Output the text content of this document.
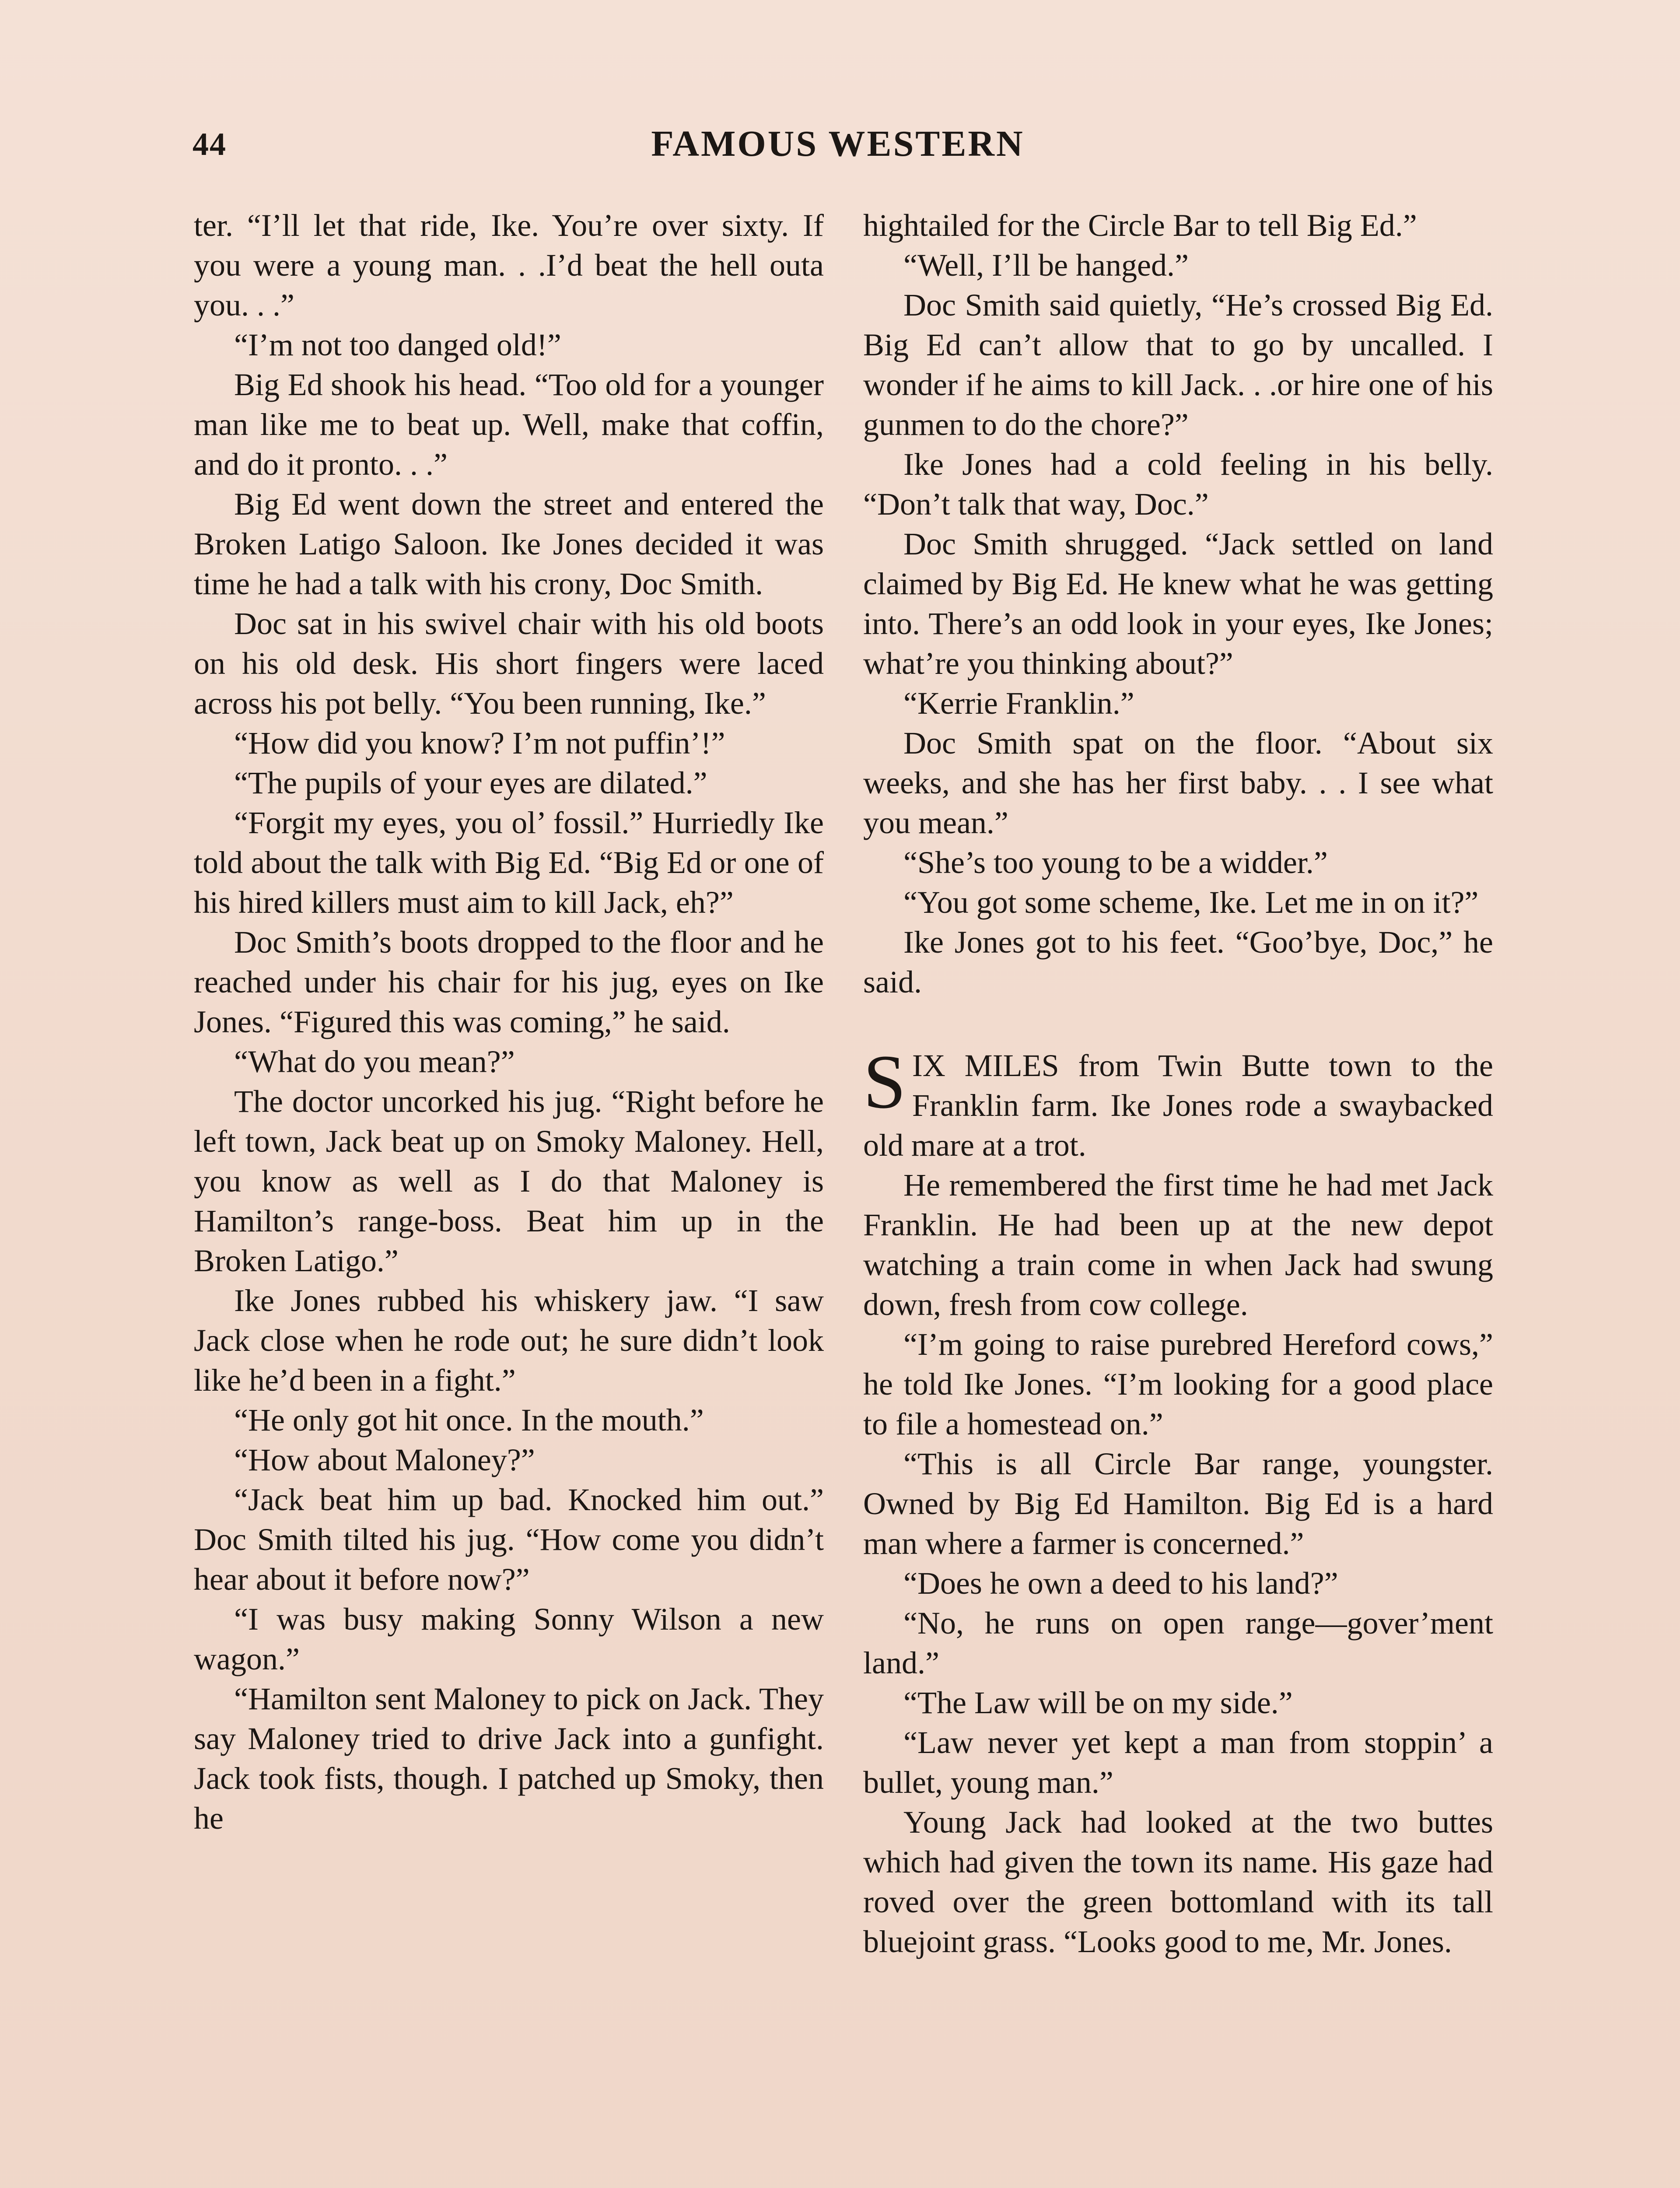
44	FAMOUS WESTERN

ter. “I’ll let that ride, Ike. You’re over sixty. If you were a young man. . .I’d beat the hell outa you. . .”

“I’m not too danged old!”

Big Ed shook his head. “Too old for a younger man like me to beat up. Well, make that coffin, and do it pronto. . .”

Big Ed went down the street and entered the Broken Latigo Saloon. Ike Jones decided it was time he had a talk with his crony, Doc Smith.

Doc sat in his swivel chair with his old boots on his old desk. His short fingers were laced across his pot belly. “You been running, Ike.”

“How did you know? I’m not puffin’!”

“The pupils of your eyes are dilated.”

“Forgit my eyes, you ol’ fossil.” Hurriedly Ike told about the talk with Big Ed. “Big Ed or one of his hired killers must aim to kill Jack, eh?”

Doc Smith’s boots dropped to the floor and he reached under his chair for his jug, eyes on Ike Jones. “Figured this was coming,” he said.

“What do you mean?”

The doctor uncorked his jug. “Right before he left town, Jack beat up on Smoky Maloney. Hell, you know as well as I do that Maloney is Hamilton’s range-boss. Beat him up in the Broken Latigo.”

Ike Jones rubbed his whiskery jaw. “I saw Jack close when he rode out; he sure didn’t look like he’d been in a fight.”

“He only got hit once. In the mouth.”

“How about Maloney?”

“Jack beat him up bad. Knocked him out.” Doc Smith tilted his jug. “How come you didn’t hear about it before now?”

“I was busy making Sonny Wilson a new wagon.”

“Hamilton sent Maloney to pick on Jack. They say Maloney tried to drive Jack into a gunfight. Jack took fists, though. I patched up Smoky, then he

hightailed for the Circle Bar to tell Big Ed.”

“Well, I’ll be hanged.”

Doc Smith said quietly, “He’s crossed Big Ed. Big Ed can’t allow that to go by uncalled. I wonder if he aims to kill Jack. . .or hire one of his gunmen to do the chore?”

Ike Jones had a cold feeling in his belly. “Don’t talk that way, Doc.”

Doc Smith shrugged. “Jack settled on land claimed by Big Ed. He knew what he was getting into. There’s an odd look in your eyes, Ike Jones; what’re you thinking about?”

“Kerrie Franklin.”

Doc Smith spat on the floor. “About six weeks, and she has her first baby. . . I see what you mean.”

“She’s too young to be a widder.”

“You got some scheme, Ike. Let me in on it?”

Ike Jones got to his feet. “Goo’bye, Doc,” he said.

SIX MILES from Twin Butte town to the Franklin farm. Ike Jones rode a swaybacked old mare at a trot.

He remembered the first time he had met Jack Franklin. He had been up at the new depot watching a train come in when Jack had swung down, fresh from cow college.

“I’m going to raise purebred Hereford cows,” he told Ike Jones. “I’m looking for a good place to file a homestead on.”

“This is all Circle Bar range, youngster. Owned by Big Ed Hamilton. Big Ed is a hard man where a farmer is concerned.”

“Does he own a deed to his land?”

“No, he runs on open range—gover’ment land.”

“The Law will be on my side.”

“Law never yet kept a man from stoppin’ a bullet, young man.”

Young Jack had looked at the two buttes which had given the town its name. His gaze had roved over the green bottomland with its tall bluejoint grass. “Looks good to me, Mr. Jones.
